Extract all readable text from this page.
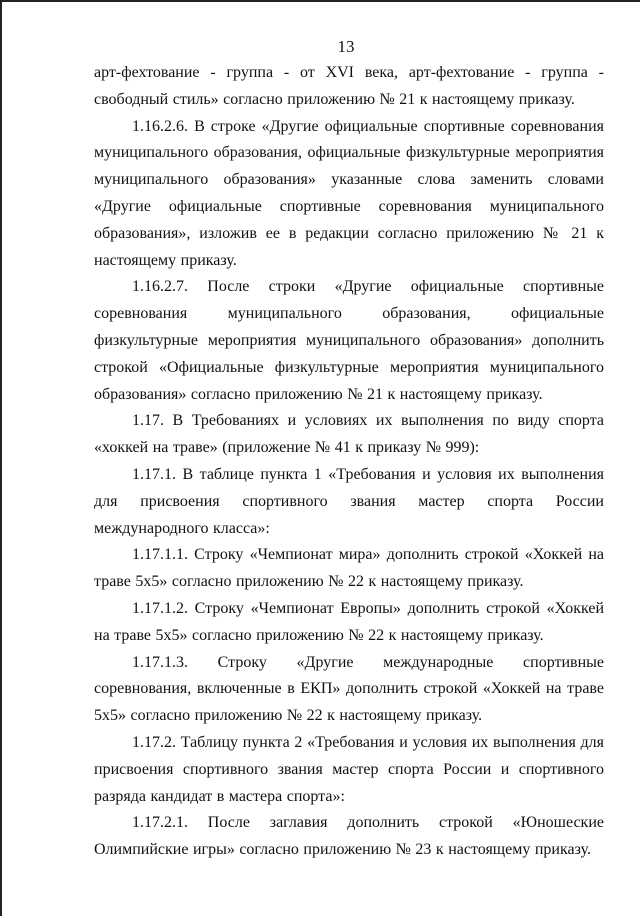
13

арт-фехтование - группа - от XVI века, арт-фехтование - группа - свободный стиль» согласно приложению № 21 к настоящему приказу.

1.16.2.6. В строке «Другие официальные спортивные соревнования муниципального образования, официальные физкультурные мероприятия муниципального образования» указанные слова заменить словами «Другие официальные спортивные соревнования муниципального образования», изложив ее в редакции согласно приложению № 21 к настоящему приказу.

1.16.2.7. После строки «Другие официальные спортивные соревнования муниципального образования, официальные физкультурные мероприятия муниципального образования» дополнить строкой «Официальные физкультурные мероприятия муниципального образования» согласно приложению № 21 к настоящему приказу.

1.17. В Требованиях и условиях их выполнения по виду спорта «хоккей на траве» (приложение № 41 к приказу № 999):

1.17.1. В таблице пункта 1 «Требования и условия их выполнения для присвоения спортивного звания мастер спорта России международного класса»:

1.17.1.1. Строку «Чемпионат мира» дополнить строкой «Хоккей на траве 5х5» согласно приложению № 22 к настоящему приказу.

1.17.1.2. Строку «Чемпионат Европы» дополнить строкой «Хоккей на траве 5х5» согласно приложению № 22 к настоящему приказу.

1.17.1.3. Строку «Другие международные спортивные соревнования, включенные в ЕКП» дополнить строкой «Хоккей на траве 5х5» согласно приложению № 22 к настоящему приказу.

1.17.2. Таблицу пункта 2 «Требования и условия их выполнения для присвоения спортивного звания мастер спорта России и спортивного разряда кандидат в мастера спорта»:

1.17.2.1. После заглавия дополнить строкой «Юношеские Олимпийские игры» согласно приложению № 23 к настоящему приказу.
